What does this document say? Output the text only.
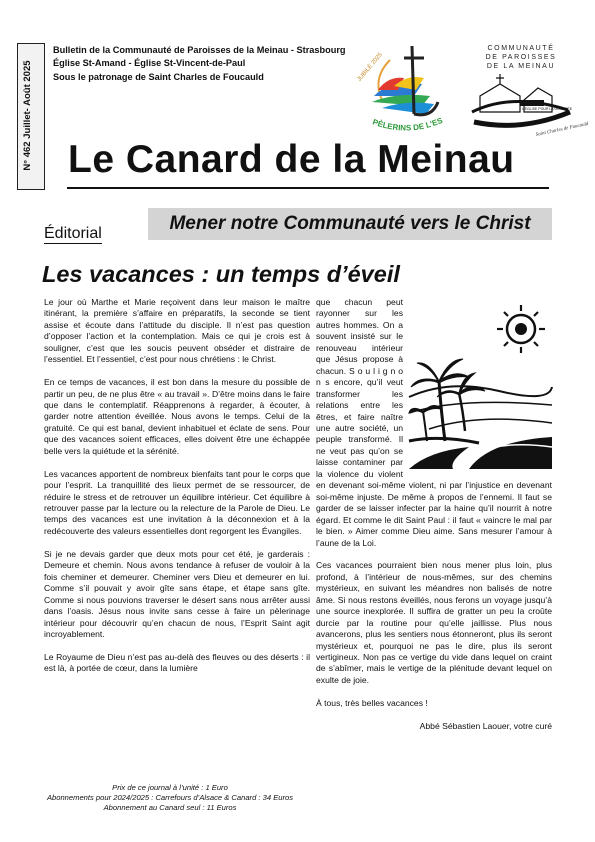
N° 462 Juillet- Août 2025
Bulletin de la Communauté de Paroisses de la Meinau - Strasbourg
Église St-Amand - Église St-Vincent-de-Paul
Sous le patronage de Saint Charles de Foucauld	JUBILÉ 2025
PÈLERINS DE L'ES
COMMUNAUTÉ
DE PAROISSES
DE LA MEINAU
L'ÉGLISE POUR LA GONNRÉE
Saint Charles de Foucauld
Le Canard de la Meinau
Éditorial	Mener notre Communauté vers le Christ
Les vacances : un temps d’éveil

Le jour où Marthe et Marie reçoivent dans leur maison le maître itinérant, la première s’affaire en préparatifs, la seconde se tient assise et écoute dans l’attitude du disciple. Il n’est pas question d’opposer l’action et la contemplation. Mais ce qui je crois est à souligner, c’est que les soucis peuvent obséder et distraire de l’essentiel. Et l’essentiel, c’est pour nous chrétiens : le Christ.

En ce temps de vacances, il est bon dans la mesure du possible de partir un peu, de ne plus être « au travail ». D’être moins dans le faire que dans le contemplatif. Réapprenons à regarder, à écouter, à garder notre attention éveillée. Nous avons le temps. Celui de la gratuité. Ce qui est banal, devient inhabituel et éclate de sens. Pour que des vacances soient efficaces, elles doivent être une échappée belle vers la quiétude et la sérénité.

Les vacances apportent de nombreux bienfaits tant pour le corps que pour l’esprit. La tranquillité des lieux permet de se ressourcer, de réduire le stress et de retrouver un équilibre intérieur. Cet équilibre à retrouver passe par la lecture ou la relecture de la Parole de Dieu. Le temps des vacances est une invitation à la déconnexion et à la redécouverte des valeurs essentielles dont regorgent les Évangiles.

Si je ne devais garder que deux mots pour cet été, je garderais : Demeure et chemin. Nous avons tendance à refuser de vouloir à la fois cheminer et demeurer. Cheminer vers Dieu et demeurer en lui. Comme s’il pouvait y avoir gîte sans étape, et étape sans gîte. Comme si nous pouvions traverser le désert sans nous arrêter aussi dans l’oasis. Jésus nous invite sans cesse à faire un pèlerinage intérieur pour découvrir qu’en chacun de nous, l’Esprit Saint agit incroyablement.

Le Royaume de Dieu n’est pas au-delà des fleuves ou des déserts : il est là, à portée de cœur, dans la lumière

que chacun peut rayonner sur les autres hommes. On a souvent insisté sur le renouveau intérieur que Jésus propose à chacun. S o u l i g n o n s encore, qu’il veut transformer les relations entre les êtres, et faire naître une autre société, un peuple transformé. Il ne veut pas qu’on se laisse contaminer par la violence du violent en devenant soi-même violent, ni par l’injustice en devenant soi-même injuste. De même à propos de l’ennemi. Il faut se garder de se laisser infecter par la haine qu’il nourrit à notre égard. Et comme le dit Saint Paul : il faut « vaincre le mal par le bien. » Aimer comme Dieu aime. Sans mesurer l’amour à l’aune de la Loi.

Ces vacances pourraient bien nous mener plus loin, plus profond, à l’intérieur de nous-mêmes, sur des chemins mystérieux, en suivant les méandres non balisés de notre âme. Si nous restons éveillés, nous ferons un voyage jusqu’à une source inexplorée. Il suffira de gratter un peu la croûte durcie par la routine pour qu’elle jaillisse. Plus nous avancerons, plus les sentiers nous étonneront, plus ils seront mystérieux et, pourquoi ne pas le dire, plus ils seront vertigineux. Non pas ce vertige du vide dans lequel on craint de s’abîmer, mais le vertige de la plénitude devant lequel on exulte de joie.

À tous, très belles vacances !

Abbé Sébastien Laouer, votre curé

Prix de ce journal à l’unité : 1 Euro
Abonnements pour 2024/2025 : Carrefours d’Alsace & Canard : 34 Euros
Abonnement au Canard seul : 11 Euros
